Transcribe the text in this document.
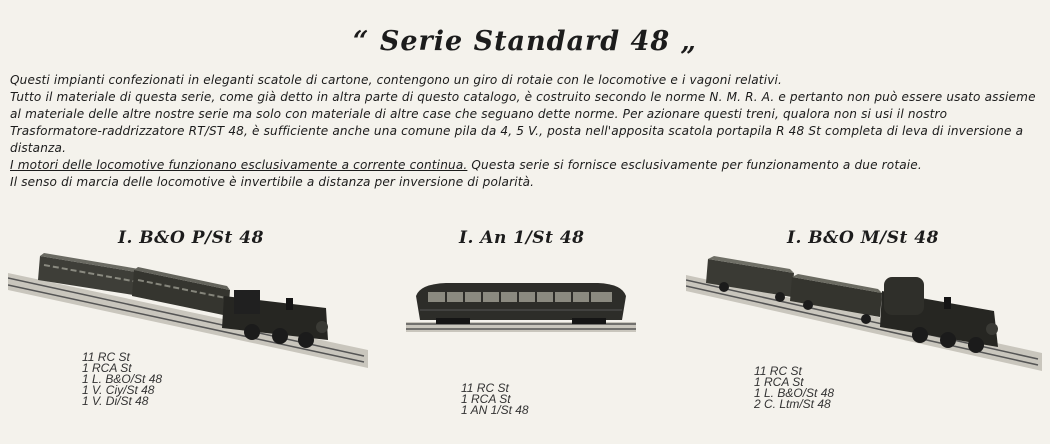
“ Serie Standard 48 „

Questi impianti confezionati in eleganti scatole di cartone, contengono un giro di rotaie con le locomotive e i vagoni relativi.

Tutto il materiale di questa serie, come già detto in altra parte di questo catalogo, è costruito secondo le norme N. M. R. A. e pertanto non può essere usato assieme al materiale delle altre nostre serie ma solo con materiale di altre case che seguano dette norme. Per azionare questi treni, qualora non si usi il nostro Trasformatore-raddrizzatore RT/ST 48, è sufficiente anche una comune pila da 4, 5 V., posta nell'apposita scatola portapila R 48 St completa di leva di inversione a distanza.

I motori delle locomotive funzionano esclusivamente a corrente continua. Questa serie si fornisce esclusivamente per funzionamento a due rotaie.

Il senso di marcia delle locomotive è invertibile a distanza per inversione di polarità.

I. B&O P/St 48
11 RC St
1 RCA St
1 L. B&O/St 48
1 V. Ciy/St 48
1 V. Di/St 48
I. An 1/St 48
11 RC St
1 RCA St
1 AN 1/St 48
I. B&O M/St 48
11 RC St
1 RCA St
1 L. B&O/St 48
2 C. Ltm/St 48
